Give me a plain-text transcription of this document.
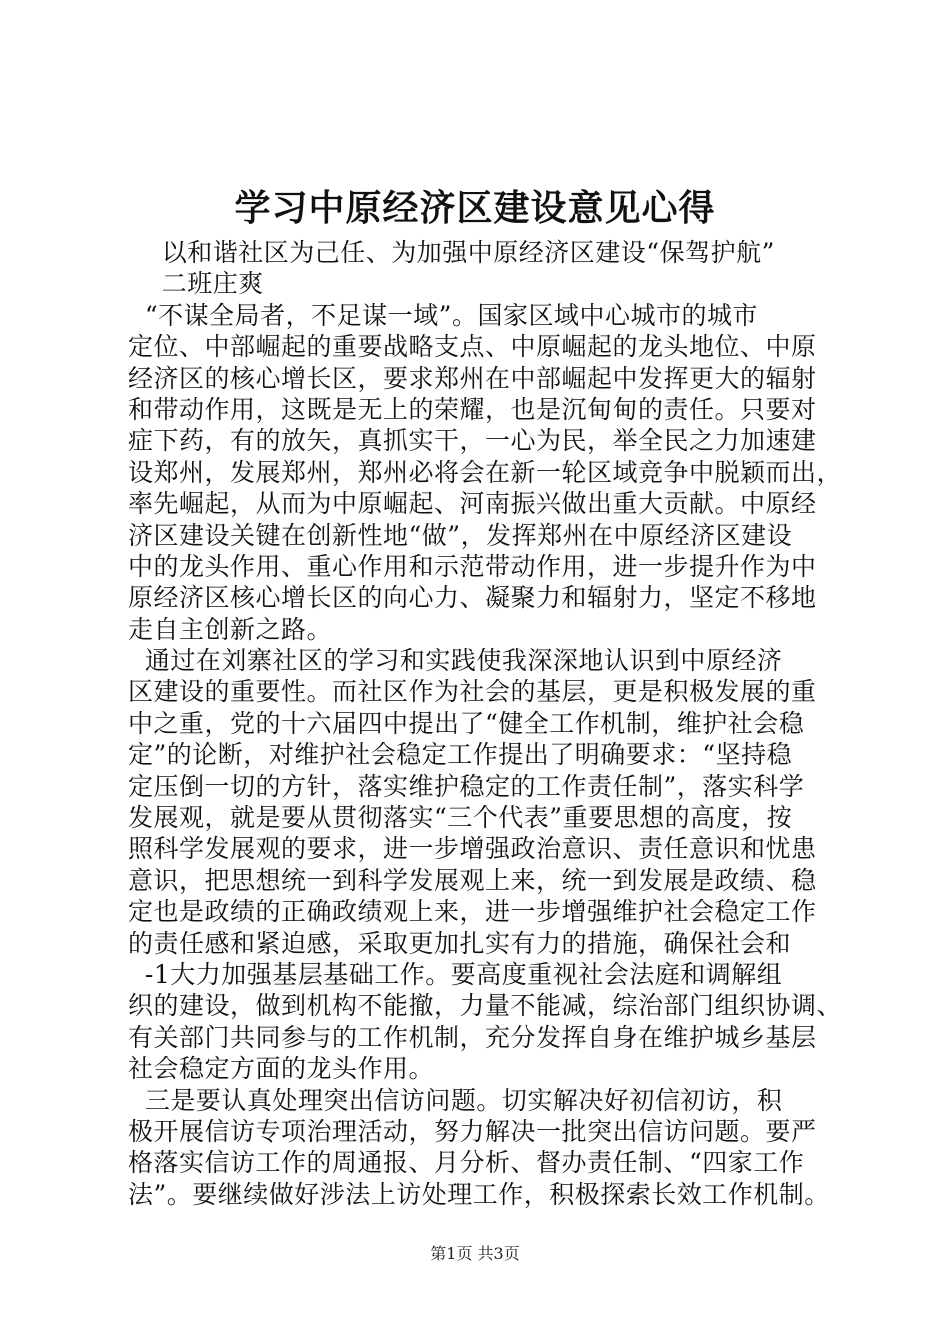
学习中原经济区建设意见心得
以和谐社区为己任、为加强中原经济区建设“保驾护航”
二班庄爽
“不谋全局者，不足谋一域”。国家区域中心城市的城市
定位、中部崛起的重要战略支点、中原崛起的龙头地位、中原
经济区的核心增长区，要求郑州在中部崛起中发挥更大的辐射
和带动作用，这既是无上的荣耀，也是沉甸甸的责任。只要对
症下药，有的放矢，真抓实干，一心为民，举全民之力加速建
设郑州，发展郑州，郑州必将会在新一轮区域竞争中脱颖而出，
率先崛起，从而为中原崛起、河南振兴做出重大贡献。中原经
济区建设关键在创新性地“做”，发挥郑州在中原经济区建设
中的龙头作用、重心作用和示范带动作用，进一步提升作为中
原经济区核心增长区的向心力、凝聚力和辐射力，坚定不移地
走自主创新之路。
通过在刘寨社区的学习和实践使我深深地认识到中原经济
区建设的重要性。而社区作为社会的基层，更是积极发展的重
中之重，党的十六届四中提出了“健全工作机制，维护社会稳
定”的论断，对维护社会稳定工作提出了明确要求：“坚持稳
定压倒一切的方针，落实维护稳定的工作责任制”，落实科学
发展观，就是要从贯彻落实“三个代表”重要思想的高度，按
照科学发展观的要求，进一步增强政治意识、责任意识和忧患
意识，把思想统一到科学发展观上来，统一到发展是政绩、稳
定也是政绩的正确政绩观上来，进一步增强维护社会稳定工作
的责任感和紧迫感，采取更加扎实有力的措施，确保社会和
-1大力加强基层基础工作。要高度重视社会法庭和调解组
织的建设，做到机构不能撤，力量不能减，综治部门组织协调、
有关部门共同参与的工作机制，充分发挥自身在维护城乡基层
社会稳定方面的龙头作用。
三是要认真处理突出信访问题。切实解决好初信初访，积
极开展信访专项治理活动，努力解决一批突出信访问题。要严
格落实信访工作的周通报、月分析、督办责任制、“四家工作
法”。要继续做好涉法上访处理工作，积极探索长效工作机制。
第1页 共3页
